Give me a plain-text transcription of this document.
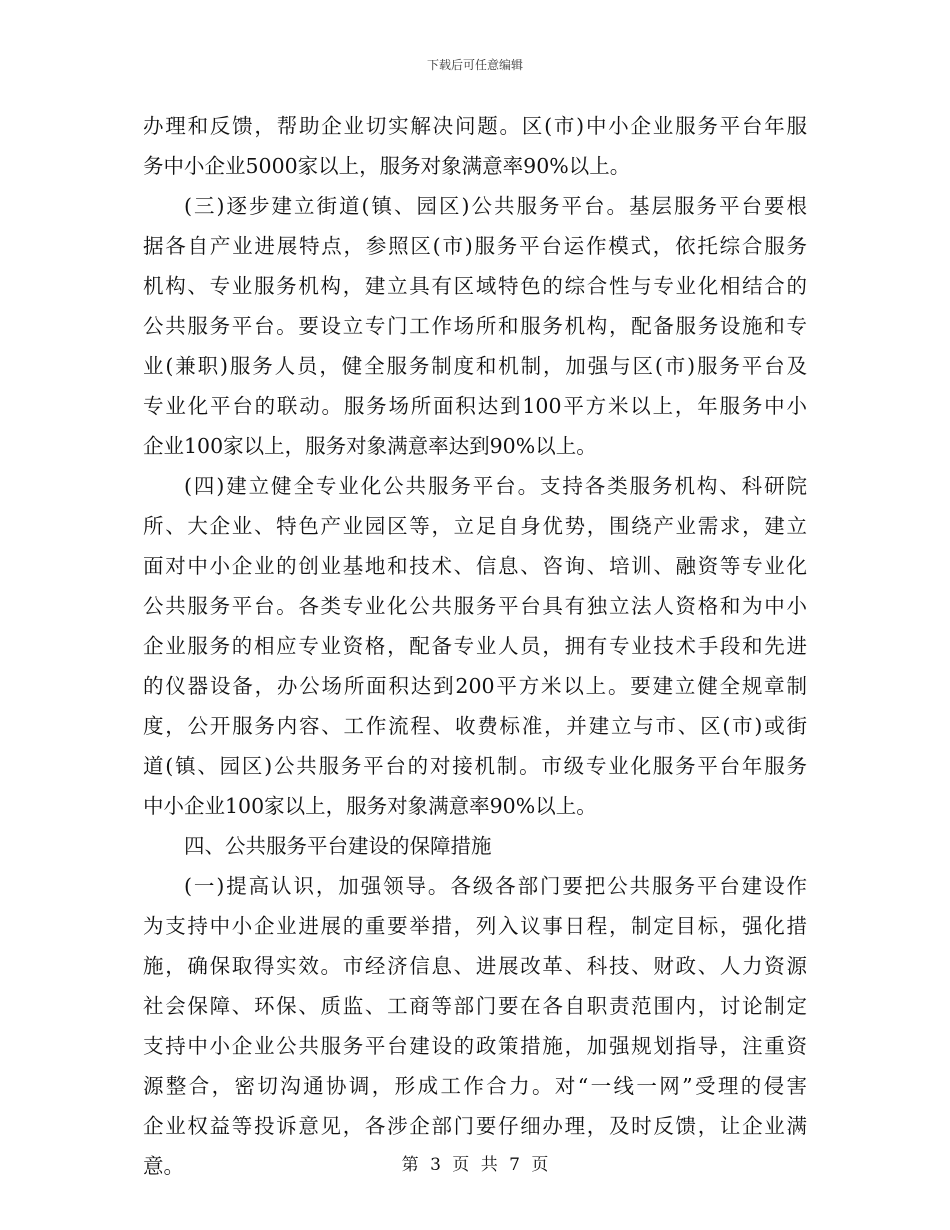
下载后可任意编辑
办理和反馈，帮助企业切实解决问题。区(市)中小企业服务平台年服
务中小企业5000家以上，服务对象满意率90%以上。
(三)逐步建立街道(镇、园区)公共服务平台。基层服务平台要根
据各自产业进展特点，参照区(市)服务平台运作模式，依托综合服务
机构、专业服务机构，建立具有区域特色的综合性与专业化相结合的
公共服务平台。要设立专门工作场所和服务机构，配备服务设施和专
业(兼职)服务人员，健全服务制度和机制，加强与区(市)服务平台及
专业化平台的联动。服务场所面积达到100平方米以上，年服务中小
企业100家以上，服务对象满意率达到90%以上。
(四)建立健全专业化公共服务平台。支持各类服务机构、科研院
所、大企业、特色产业园区等，立足自身优势，围绕产业需求，建立
面对中小企业的创业基地和技术、信息、咨询、培训、融资等专业化
公共服务平台。各类专业化公共服务平台具有独立法人资格和为中小
企业服务的相应专业资格，配备专业人员，拥有专业技术手段和先进
的仪器设备，办公场所面积达到200平方米以上。要建立健全规章制
度，公开服务内容、工作流程、收费标准，并建立与市、区(市)或街
道(镇、园区)公共服务平台的对接机制。市级专业化服务平台年服务
中小企业100家以上，服务对象满意率90%以上。
四、公共服务平台建设的保障措施
(一)提高认识，加强领导。各级各部门要把公共服务平台建设作
为支持中小企业进展的重要举措，列入议事日程，制定目标，强化措
施，确保取得实效。市经济信息、进展改革、科技、财政、人力资源
社会保障、环保、质监、工商等部门要在各自职责范围内，讨论制定
支持中小企业公共服务平台建设的政策措施，加强规划指导，注重资
源整合，密切沟通协调，形成工作合力。对“一线一网”受理的侵害
企业权益等投诉意见，各涉企部门要仔细办理，及时反馈，让企业满
意。	第 3 页 共 7 页
